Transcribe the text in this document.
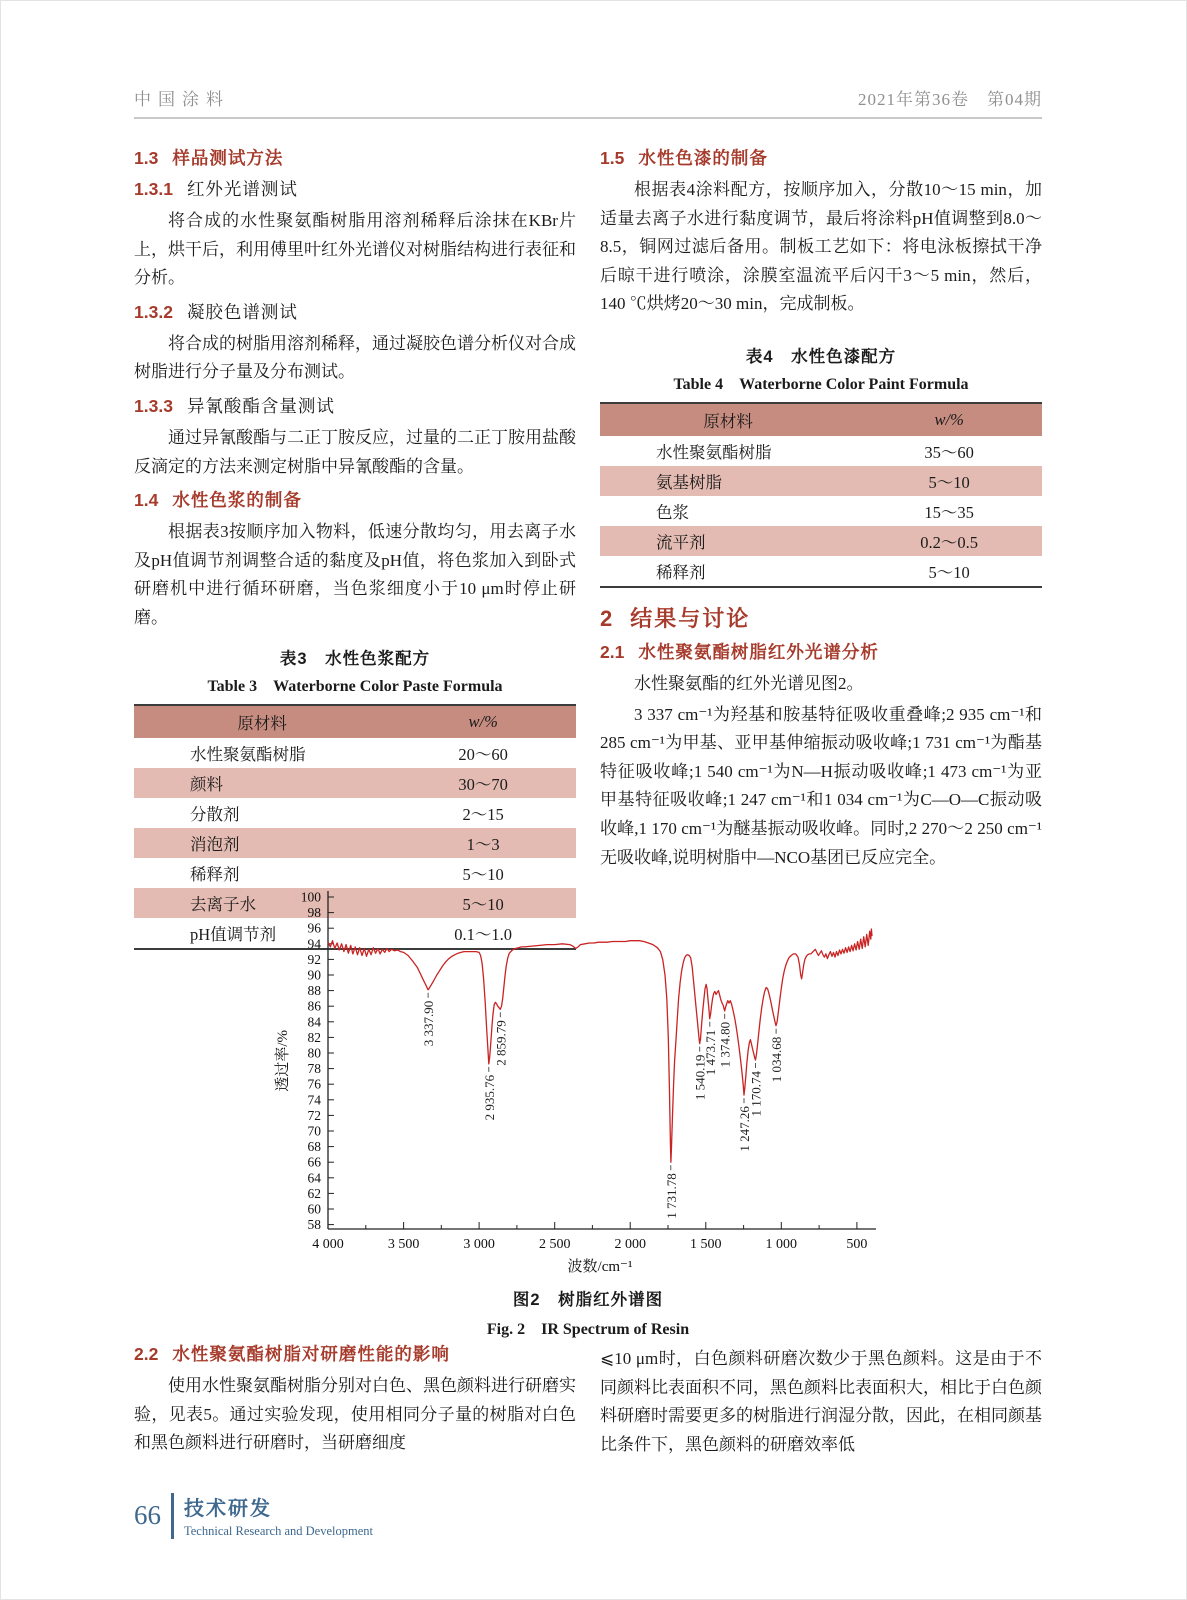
中国涂料	2021年第36卷　第04期
1.3 样品测试方法
1.3.1 红外光谱测试

将合成的水性聚氨酯树脂用溶剂稀释后涂抹在KBr片上，烘干后，利用傅里叶红外光谱仪对树脂结构进行表征和分析。

1.3.2 凝胶色谱测试

将合成的树脂用溶剂稀释，通过凝胶色谱分析仪对合成树脂进行分子量及分布测试。

1.3.3 异氰酸酯含量测试

通过异氰酸酯与二正丁胺反应，过量的二正丁胺用盐酸反滴定的方法来测定树脂中异氰酸酯的含量。

1.4 水性色浆的制备

根据表3按顺序加入物料，低速分散均匀，用去离子水及pH值调节剂调整合适的黏度及pH值，将色浆加入到卧式研磨机中进行循环研磨，当色浆细度小于10 μm时停止研磨。

表3　水性色浆配方
Table 3　Waterborne Color Paste Formula
原材料	w/%
水性聚氨酯树脂	20～60
颜料	30～70
分散剂	2～15
消泡剂	1～3
稀释剂	5～10
去离子水	5～10
pH值调节剂	0.1～1.0
1.5 水性色漆的制备

根据表4涂料配方，按顺序加入，分散10～15 min，加适量去离子水进行黏度调节，最后将涂料pH值调整到8.0～8.5，铜网过滤后备用。制板工艺如下：将电泳板擦拭干净后晾干进行喷涂，涂膜室温流平后闪干3～5 min，然后，140 ℃烘烤20～30 min，完成制板。

表4　水性色漆配方
Table 4　Waterborne Color Paint Formula
原材料	w/%
水性聚氨酯树脂	35～60
氨基树脂	5～10
色浆	15～35
流平剂	0.2～0.5
稀释剂	5～10
2 结果与讨论
2.1 水性聚氨酯树脂红外光谱分析

水性聚氨酯的红外光谱见图2。

3 337 cm⁻¹为羟基和胺基特征吸收重叠峰;2 935 cm⁻¹和285 cm⁻¹为甲基、亚甲基伸缩振动吸收峰;1 731 cm⁻¹为酯基特征吸收峰;1 540 cm⁻¹为N—H振动吸收峰;1 473 cm⁻¹为亚甲基特征吸收峰;1 247 cm⁻¹和1 034 cm⁻¹为C—O—C振动吸收峰,1 170 cm⁻¹为醚基振动吸收峰。同时,2 270～2 250 cm⁻¹无吸收峰,说明树脂中—NCO基团已反应完全。

100
98
96
94
92
90
88
86
84
82
80
78
76
74
72
70
68
66
64
62
60
58
4 000	3 500	3 000	2 500	2 000	1 500	1 000	500
3 337.90
2 935.76
2 859.79
1 731.78
1 540.19
1 473.71 1 374.80
1 247.26
1 170.74
1 034.68
透过率/%
波数/cm⁻¹
图2　树脂红外谱图
Fig. 2　IR Spectrum of Resin
2.2 水性聚氨酯树脂对研磨性能的影响

使用水性聚氨酯树脂分别对白色、黑色颜料进行研磨实验，见表5。通过实验发现，使用相同分子量的树脂对白色和黑色颜料进行研磨时，当研磨细度

⩽10 μm时，白色颜料研磨次数少于黑色颜料。这是由于不同颜料比表面积不同，黑色颜料比表面积大，相比于白色颜料研磨时需要更多的树脂进行润湿分散，因此，在相同颜基比条件下，黑色颜料的研磨效率低

66 技术研发
Technical Research and Development
